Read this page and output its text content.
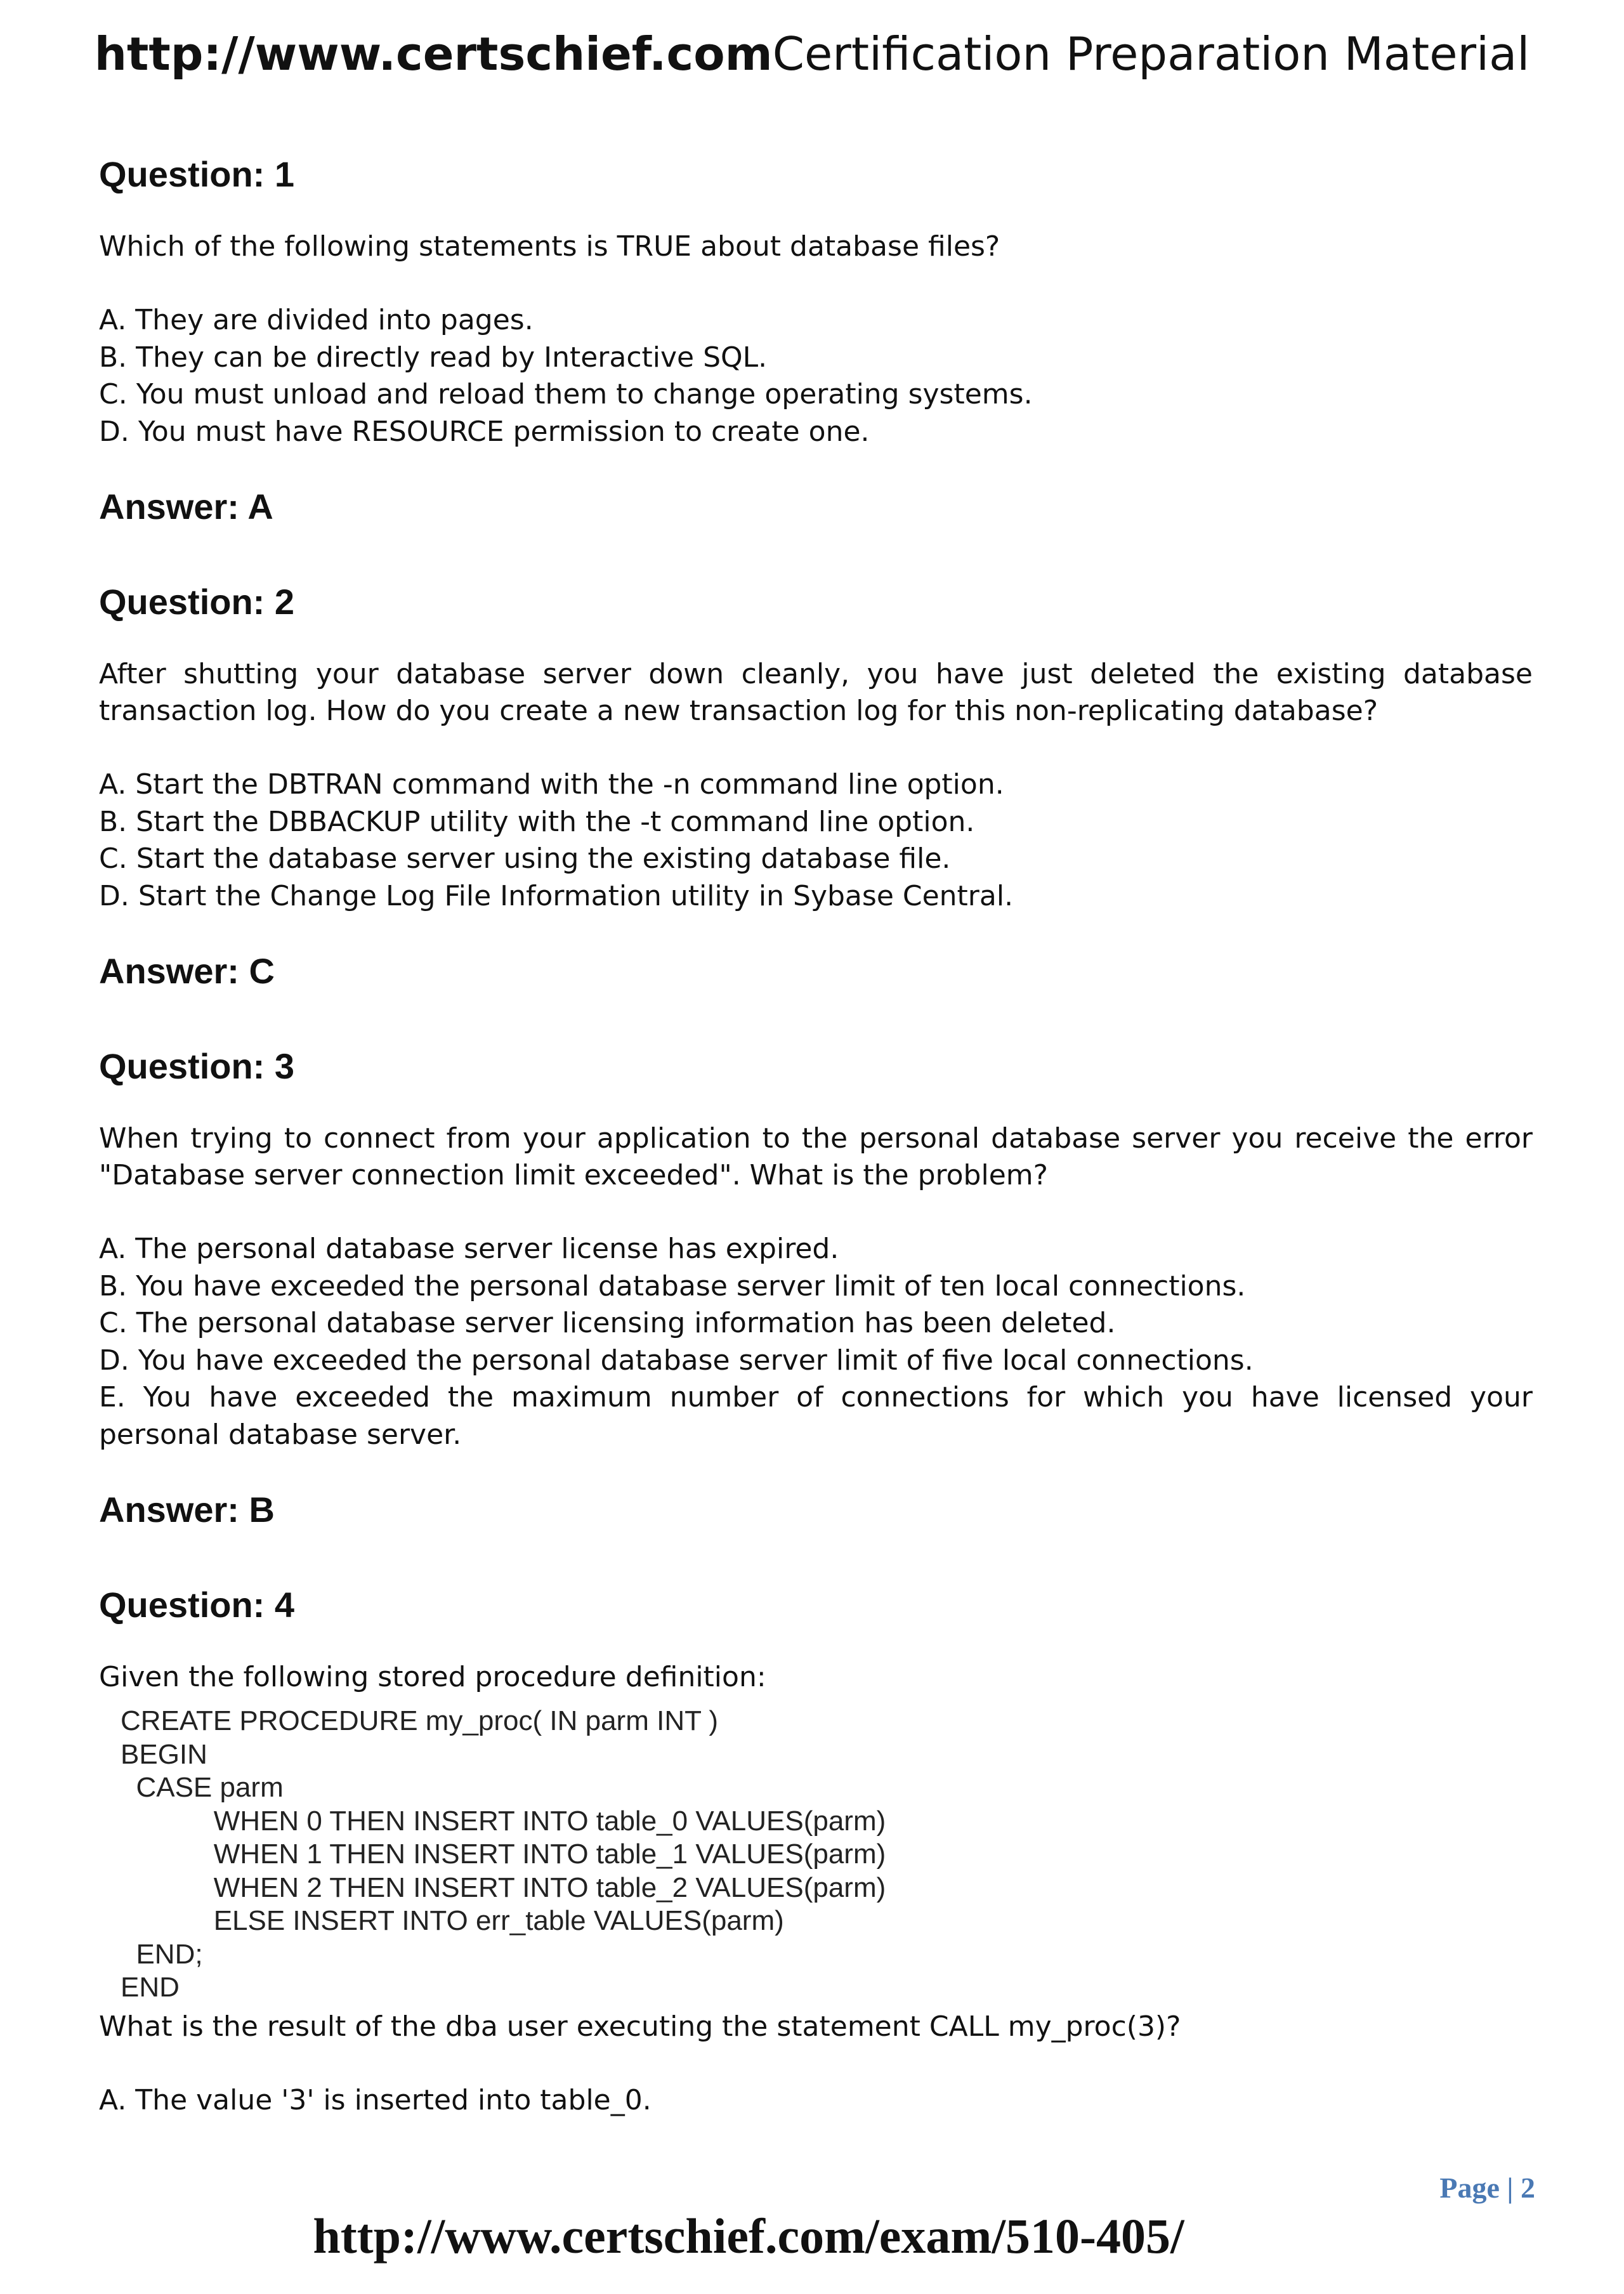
http://www.certschief.comCertification Preparation Material
Question: 1

Which of the following statements is TRUE about database files?

A. They are divided into pages.
B. They can be directly read by Interactive SQL.
C. You must unload and reload them to change operating systems.
D. You must have RESOURCE permission to create one.
Answer: A
Question: 2

After shutting your database server down cleanly, you have just deleted the existing database transaction log. How do you create a new transaction log for this non-replicating database?

A. Start the DBTRAN command with the -n command line option.
B. Start the DBBACKUP utility with the -t command line option.
C. Start the database server using the existing database file.
D. Start the Change Log File Information utility in Sybase Central.
Answer: C
Question: 3

When trying to connect from your application to the personal database server you receive the error "Database server connection limit exceeded". What is the problem?

A. The personal database server license has expired.
B. You have exceeded the personal database server limit of ten local connections.
C. The personal database server licensing information has been deleted.
D. You have exceeded the personal database server limit of five local connections.
E. You have exceeded the maximum number of connections for which you have licensed your personal database server.
Answer: B
Question: 4

Given the following stored procedure definition:

CREATE PROCEDURE my_proc( IN parm INT )
BEGIN
CASE parm
WHEN 0 THEN INSERT INTO table_0 VALUES(parm)
WHEN 1 THEN INSERT INTO table_1 VALUES(parm)
WHEN 2 THEN INSERT INTO table_2 VALUES(parm)
ELSE INSERT INTO err_table VALUES(parm)
END;
END

What is the result of the dba user executing the statement CALL my_proc(3)?

A. The value '3' is inserted into table_0.
Page | 2
http://www.certschief.com/exam/510-405/
